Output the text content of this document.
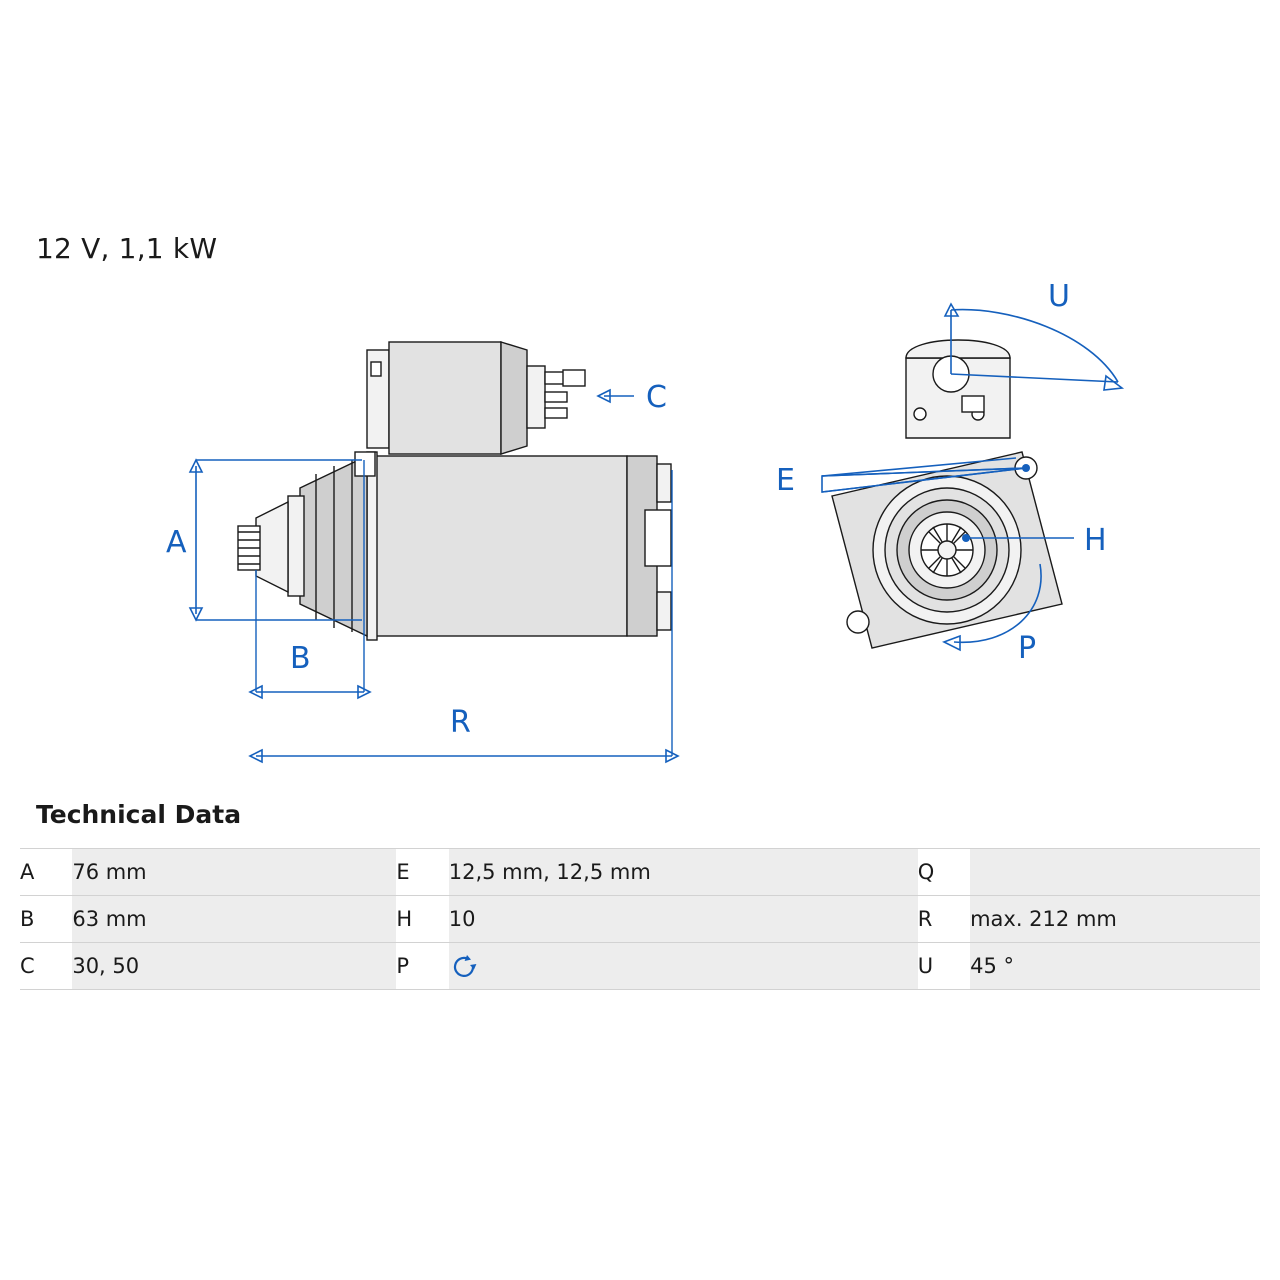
12 V, 1,1 kW
A
B
R
C
U
E
H
P
Technical Data
A	76 mm	E	12,5 mm, 12,5 mm	Q	
B	63 mm	H	10	R	max. 212 mm
C	30, 50	P		U	45 °
